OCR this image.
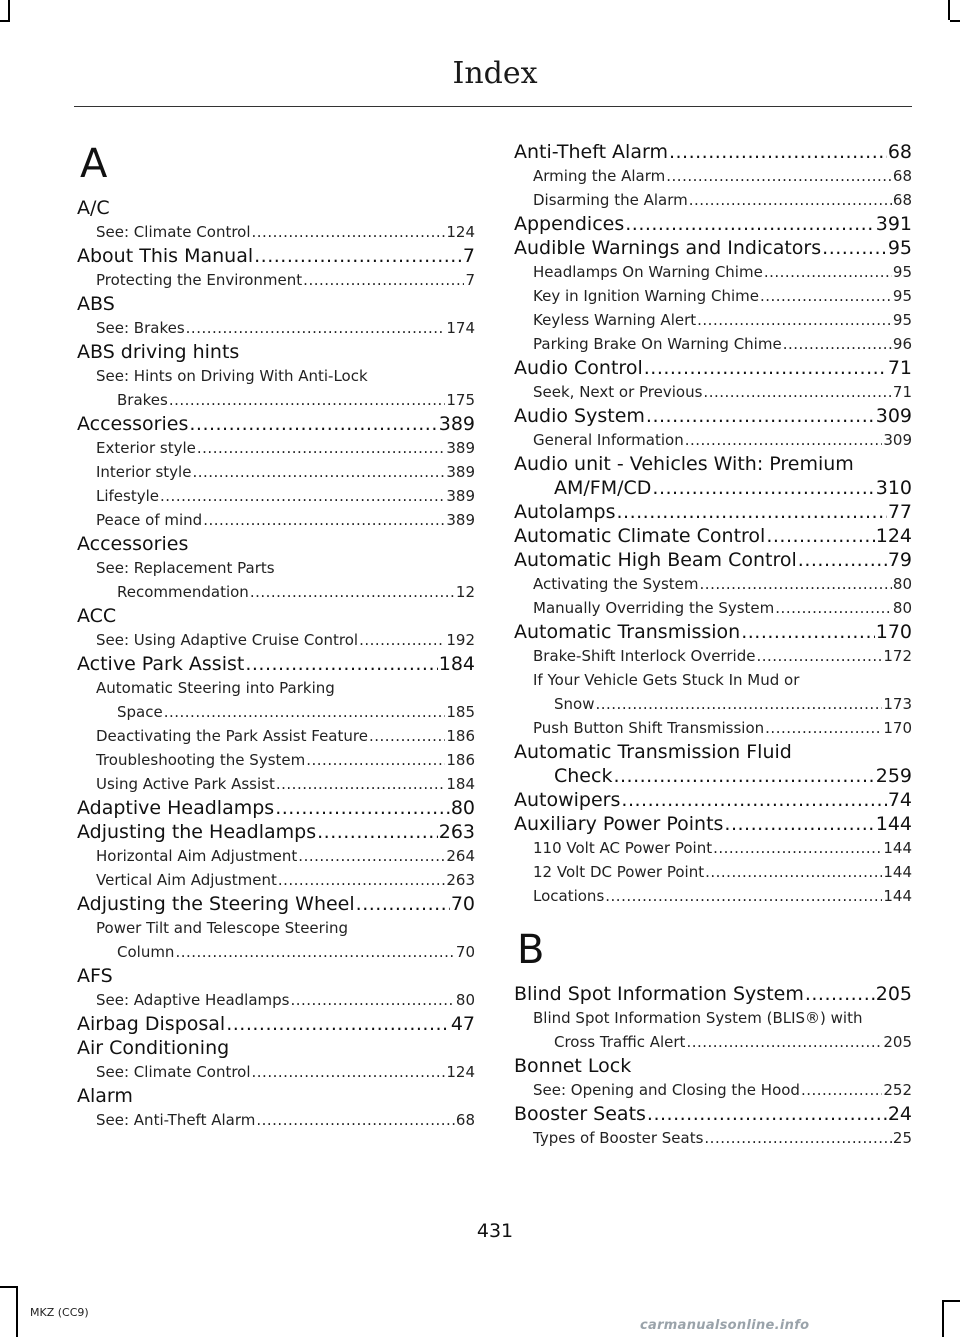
Index
A
A/C
See: Climate Control .....	124
About This Manual .....	7
Protecting the Environment .....	7
ABS
See: Brakes .....	174
ABS driving hints
See: Hints on Driving With Anti-Lock
Brakes .....	175
Accessories .....	389
Exterior style .....	389
Interior style .....	389
Lifestyle .....	389
Peace of mind .....	389
Accessories
See: Replacement Parts
Recommendation .....	12
ACC
See: Using Adaptive Cruise Control .....	192
Active Park Assist .....	184
Automatic Steering into Parking
Space .....	185
Deactivating the Park Assist Feature .....	186
Troubleshooting the System .....	186
Using Active Park Assist .....	184
Adaptive Headlamps .....	80
Adjusting the Headlamps .....	263
Horizontal Aim Adjustment .....	264
Vertical Aim Adjustment .....	263
Adjusting the Steering Wheel .....	70
Power Tilt and Telescope Steering
Column .....	70
AFS
See: Adaptive Headlamps .....	80
Airbag Disposal .....	47
Air Conditioning
See: Climate Control .....	124
Alarm
See: Anti-Theft Alarm .....	68
Anti-Theft Alarm .....	68
Arming the Alarm .....	68
Disarming the Alarm .....	68
Appendices .....	391
Audible Warnings and Indicators .....	95
Headlamps On Warning Chime .....	95
Key in Ignition Warning Chime .....	95
Keyless Warning Alert .....	95
Parking Brake On Warning Chime .....	96
Audio Control .....	71
Seek, Next or Previous .....	71
Audio System .....	309
General Information .....	309
Audio unit - Vehicles With: Premium
AM/FM/CD .....	310
Autolamps .....	77
Automatic Climate Control .....	124
Automatic High Beam Control .....	79
Activating the System .....	80
Manually Overriding the System .....	80
Automatic Transmission .....	170
Brake-Shift Interlock Override .....	172
If Your Vehicle Gets Stuck In Mud or
Snow .....	173
Push Button Shift Transmission .....	170
Automatic Transmission Fluid
Check .....	259
Autowipers .....	74
Auxiliary Power Points .....	144
110 Volt AC Power Point .....	144
12 Volt DC Power Point .....	144
Locations .....	144
B
Blind Spot Information System .....	205
Blind Spot Information System (BLIS®) with
Cross Traffic Alert .....	205
Bonnet Lock
See: Opening and Closing the Hood .....	252
Booster Seats .....	24
Types of Booster Seats .....	25
431
MKZ (CC9)
carmanualsonline.info
